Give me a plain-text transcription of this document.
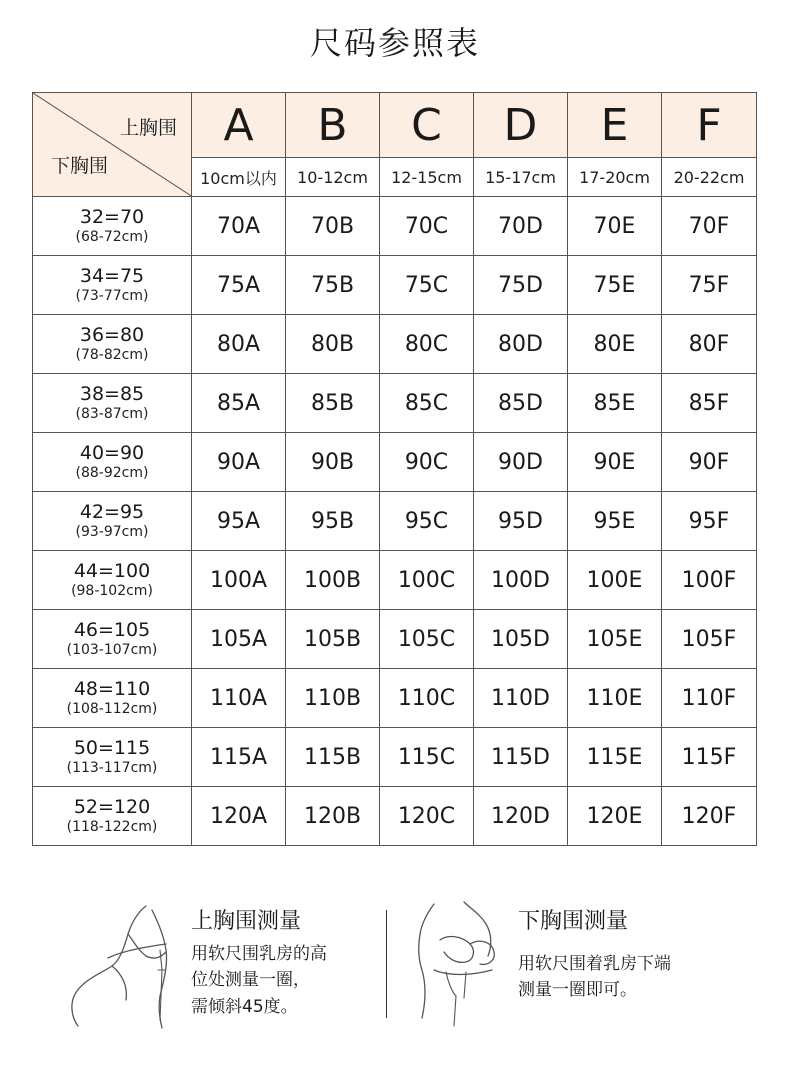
尺码参照表
上胸围
下胸围	A	B	C	D	E	F
	10cm以内	10-12cm	12-15cm	15-17cm	17-20cm	20-22cm

32=70
(68-72cm)	70A	70B	70C	70D	70E	70F

34=75
(73-77cm)	75A	75B	75C	75D	75E	75F

36=80
(78-82cm)	80A	80B	80C	80D	80E	80F

38=85
(83-87cm)	85A	85B	85C	85D	85E	85F

40=90
(88-92cm)	90A	90B	90C	90D	90E	90F

42=95
(93-97cm)	95A	95B	95C	95D	95E	95F

44=100
(98-102cm)	100A	100B	100C	100D	100E	100F

46=105
(103-107cm)	105A	105B	105C	105D	105E	105F

48=110
(108-112cm)	110A	110B	110C	110D	110E	110F

50=115
(113-117cm)	115A	115B	115C	115D	115E	115F

52=120
(118-122cm)	120A	120B	120C	120D	120E	120F
上胸围测量
用软尺围乳房的高
位处测量一圈，
需倾斜45度。
下胸围测量
用软尺围着乳房下端
测量一圈即可。
